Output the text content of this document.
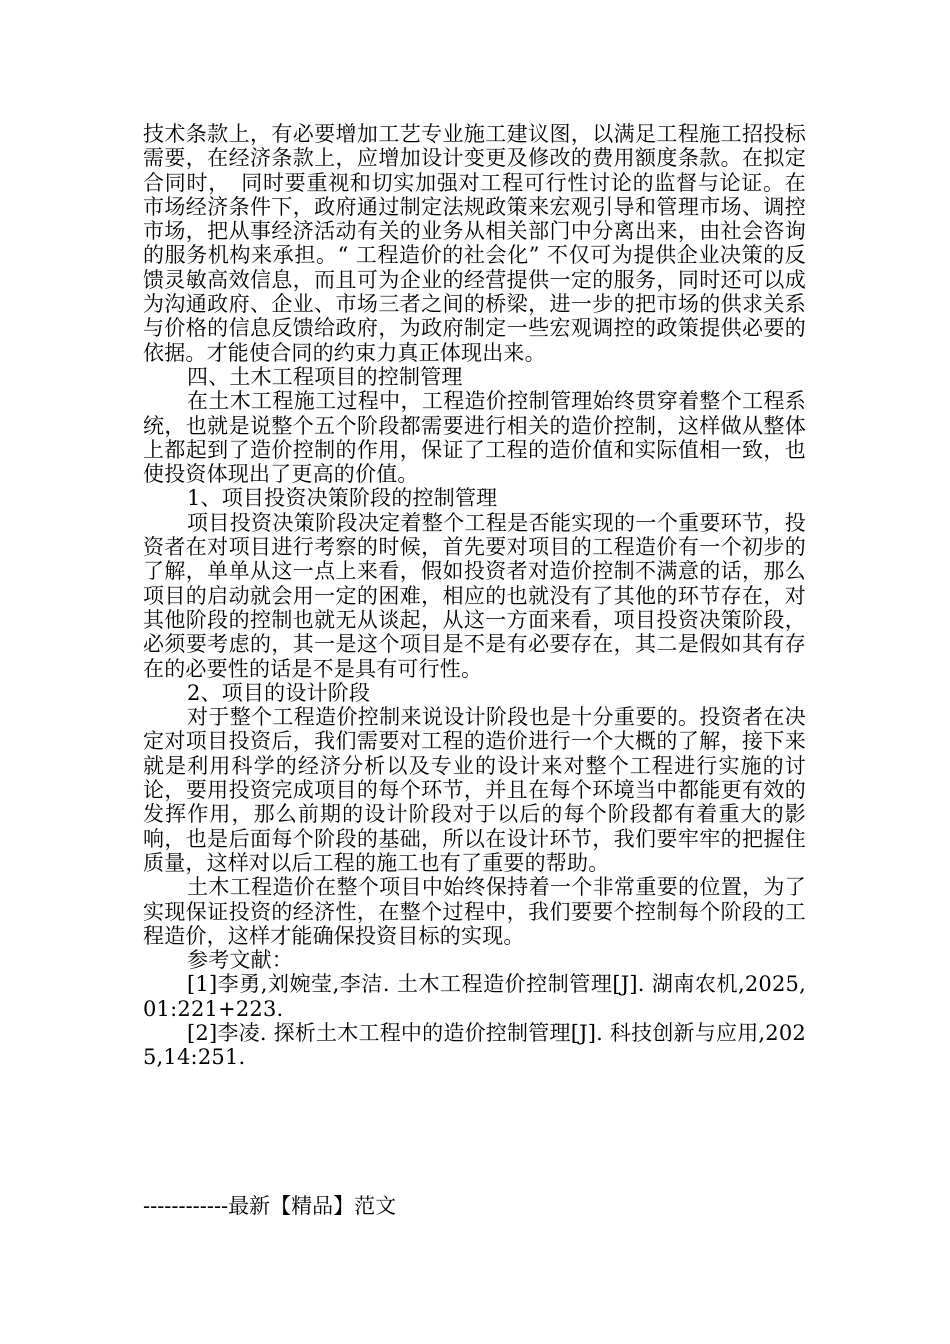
技术条款上，有必要增加工艺专业施工建议图，以满足工程施工招投标需要，在经济条款上，应增加设计变更及修改的费用额度条款。在拟定合同时，　同时要重视和切实加强对工程可行性讨论的监督与论证。在市场经济条件下，政府通过制定法规政策来宏观引导和管理市场、调控市场，把从事经济活动有关的业务从相关部门中分离出来，由社会咨询的服务机构来承担。“ 工程造价的社会化” 不仅可为提供企业决策的反馈灵敏高效信息，而且可为企业的经营提供一定的服务，同时还可以成为沟通政府、企业、市场三者之间的桥梁，进一步的把市场的供求关系与价格的信息反馈给政府，为政府制定一些宏观调控的政策提供必要的依据。才能使合同的约束力真正体现出来。

四、土木工程项目的控制管理

在土木工程施工过程中，工程造价控制管理始终贯穿着整个工程系统，也就是说整个五个阶段都需要进行相关的造价控制，这样做从整体上都起到了造价控制的作用，保证了工程的造价值和实际值相一致，也使投资体现出了更高的价值。

1、项目投资决策阶段的控制管理

项目投资决策阶段决定着整个工程是否能实现的一个重要环节，投资者在对项目进行考察的时候，首先要对项目的工程造价有一个初步的了解，单单从这一点上来看，假如投资者对造价控制不满意的话，那么项目的启动就会用一定的困难，相应的也就没有了其他的环节存在，对其他阶段的控制也就无从谈起，从这一方面来看，项目投资决策阶段，必须要考虑的，其一是这个项目是不是有必要存在，其二是假如其有存在的必要性的话是不是具有可行性。

2、项目的设计阶段

对于整个工程造价控制来说设计阶段也是十分重要的。投资者在决定对项目投资后，我们需要对工程的造价进行一个大概的了解，接下来就是利用科学的经济分析以及专业的设计来对整个工程进行实施的讨论，要用投资完成项目的每个环节，并且在每个环境当中都能更有效的发挥作用，那么前期的设计阶段对于以后的每个阶段都有着重大的影响，也是后面每个阶段的基础，所以在设计环节，我们要牢牢的把握住质量，这样对以后工程的施工也有了重要的帮助。

土木工程造价在整个项目中始终保持着一个非常重要的位置，为了实现保证投资的经济性，在整个过程中，我们要要个控制每个阶段的工程造价，这样才能确保投资目标的实现。

参考文献：

[1]李勇,刘婉莹,李洁. 土木工程造价控制管理[J]. 湖南农机,2025,01:221+223.

[2]李凌. 探析土木工程中的造价控制管理[J]. 科技创新与应用,2025,14:251.

------------最新【精品】范文
